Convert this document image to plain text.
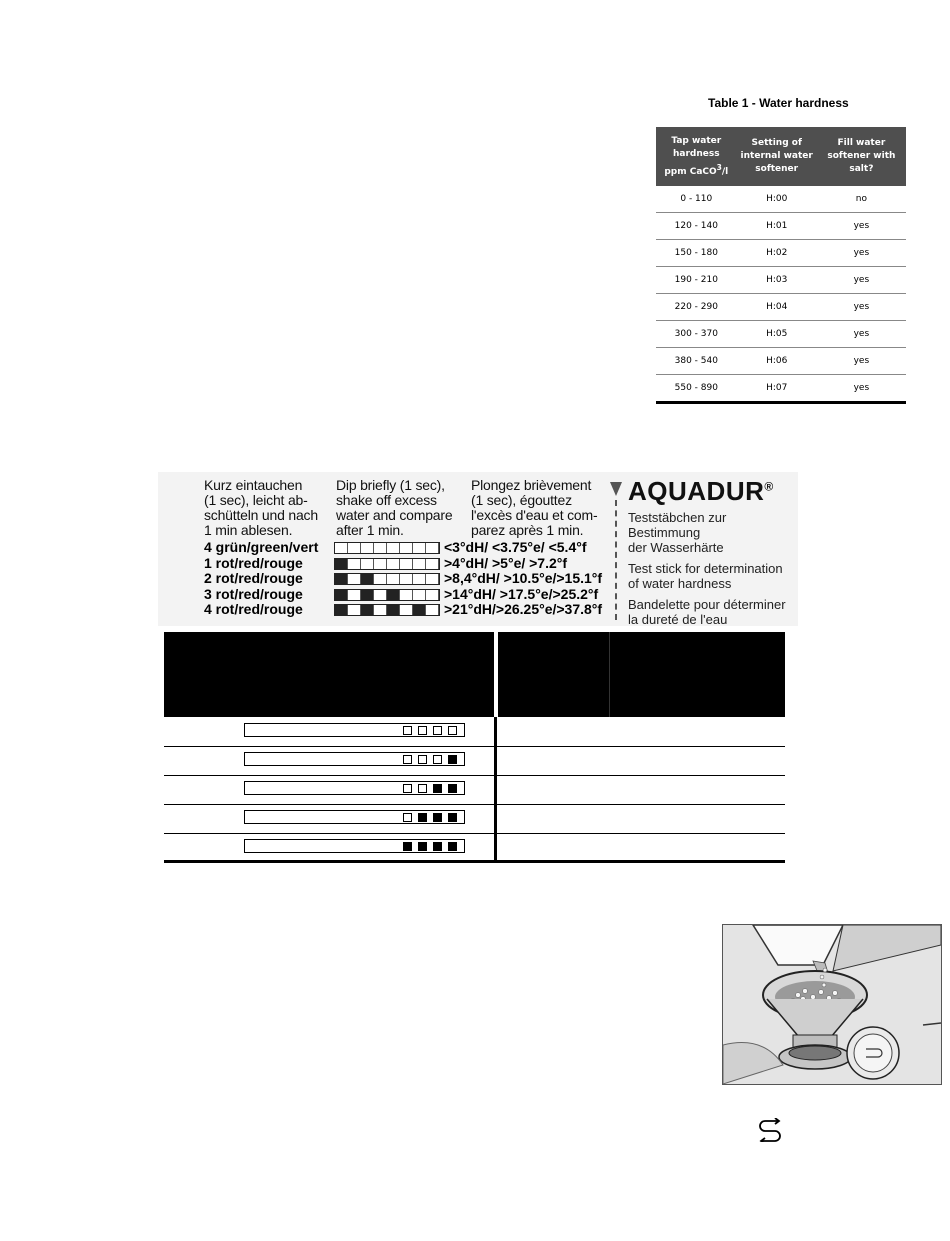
Table 1 - Water hardness
Tap water hardness
ppm CaCO$^3$/l	Setting of internal water softener	Fill water softener with salt?
0 - 110	H:00	no
120 - 140	H:01	yes
150 - 180	H:02	yes
190 - 210	H:03	yes
220 - 290	H:04	yes
300 - 370	H:05	yes
380 - 540	H:06	yes
550 - 890	H:07	yes
Kurz eintauchen
(1 sec), leicht ab-
schütteln und nach
1 min ablesen.
Dip briefly (1 sec),
shake off excess
water and compare
after 1 min.
Plongez brièvement
(1 sec), égouttez
l'excès d'eau et com-
parez après 1 min.
4 grün/green/vert	<3°dH/ <3.75°e/ <5.4°f
1 rot/red/rouge	>4°dH/ >5°e/ >7.2°f
2 rot/red/rouge	>8,4°dH/ >10.5°e/>15.1°f
3 rot/red/rouge	>14°dH/ >17.5°e/>25.2°f
4 rot/red/rouge	>21°dH/>26.25°e/>37.8°f
AQUADUR®
Teststäbchen zur Bestimmung
der Wasserhärte
Test stick for determination
of water hardness
Bandelette pour déterminer
la dureté de l'eau
